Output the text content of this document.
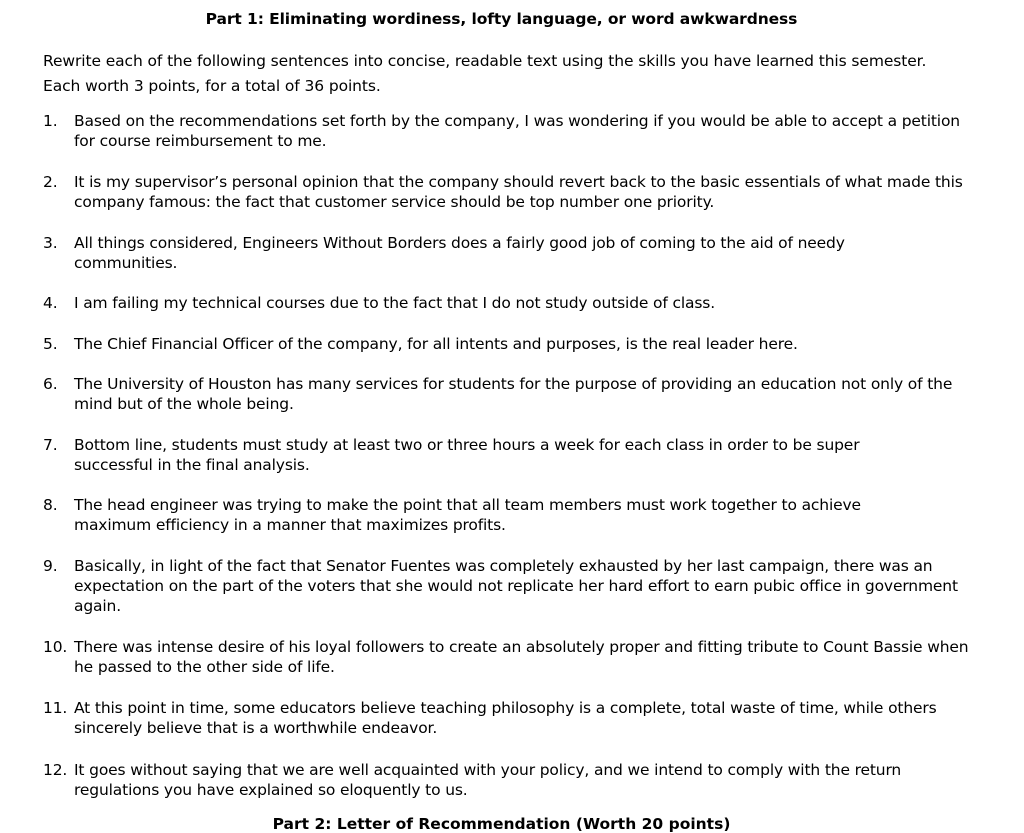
Part 1: Eliminating wordiness, lofty language, or word awkwardness
Rewrite each of the following sentences into concise, readable text using the skills you have learned this semester.
Each worth 3 points, for a total of 36 points.
1. Based on the recommendations set forth by the company, I was wondering if you would be able to accept a petition for course reimbursement to me.
2. It is my supervisor’s personal opinion that the company should revert back to the basic essentials of what made this company famous: the fact that customer service should be top number one priority.
3. All things considered, Engineers Without Borders does a fairly good job of coming to the aid of needy communities.
4. I am failing my technical courses due to the fact that I do not study outside of class.
5. The Chief Financial Officer of the company, for all intents and purposes, is the real leader here.
6. The University of Houston has many services for students for the purpose of providing an education not only of the mind but of the whole being.
7. Bottom line, students must study at least two or three hours a week for each class in order to be super successful in the final analysis.
8. The head engineer was trying to make the point that all team members must work together to achieve maximum efficiency in a manner that maximizes profits.
9. Basically, in light of the fact that Senator Fuentes was completely exhausted by her last campaign, there was an expectation on the part of the voters that she would not replicate her hard effort to earn pubic office in government again.
10. There was intense desire of his loyal followers to create an absolutely proper and fitting tribute to Count Bassie when he passed to the other side of life.
11. At this point in time, some educators believe teaching philosophy is a complete, total waste of time, while others sincerely believe that is a worthwhile endeavor.
12. It goes without saying that we are well acquainted with your policy, and we intend to comply with the return regulations you have explained so eloquently to us.
Part 2: Letter of Recommendation (Worth 20 points)
